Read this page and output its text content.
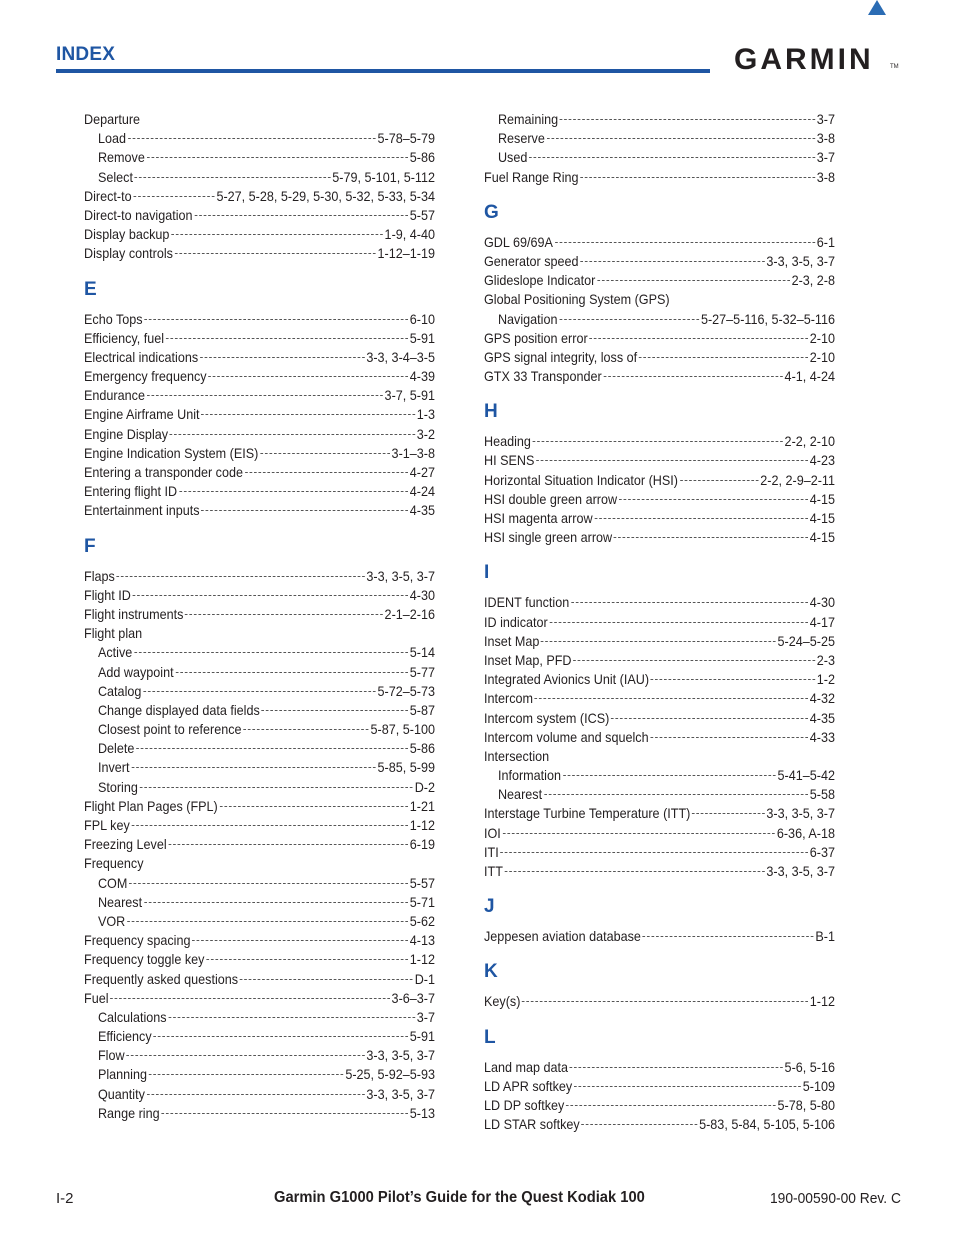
INDEX	GARMIN	TM
Departure
Load	5-78–5-79
Remove	5-86
Select	5-79, 5-101, 5-112
Direct-to	5-27, 5-28, 5-29, 5-30, 5-32, 5-33, 5-34
Direct-to navigation	5-57
Display backup	1-9, 4-40
Display controls	1-12–1-19
E
Echo Tops	6-10
Efficiency, fuel	5-91
Electrical indications	3-3, 3-4–3-5
Emergency frequency	4-39
Endurance	3-7, 5-91
Engine Airframe Unit	1-3
Engine Display	3-2
Engine Indication System (EIS)	3-1–3-8
Entering a transponder code	4-27
Entering flight ID	4-24
Entertainment inputs	4-35
F
Flaps	3-3, 3-5, 3-7
Flight ID	4-30
Flight instruments	2-1–2-16
Flight plan
Active	5-14
Add waypoint	5-77
Catalog	5-72–5-73
Change displayed data fields	5-87
Closest point to reference	5-87, 5-100
Delete	5-86
Invert	5-85, 5-99
Storing	D-2
Flight Plan Pages (FPL)	1-21
FPL key	1-12
Freezing Level	6-19
Frequency
COM	5-57
Nearest	5-71
VOR	5-62
Frequency spacing	4-13
Frequency toggle key	1-12
Frequently asked questions	D-1
Fuel	3-6–3-7
Calculations	3-7
Efficiency	5-91
Flow	3-3, 3-5, 3-7
Planning	5-25, 5-92–5-93
Quantity	3-3, 3-5, 3-7
Range ring	5-13
Remaining	3-7
Reserve	3-8
Used	3-7
Fuel Range Ring	3-8
G
GDL 69/69A	6-1
Generator speed	3-3, 3-5, 3-7
Glideslope Indicator	2-3, 2-8
Global Positioning System (GPS)
Navigation	5-27–5-116, 5-32–5-116
GPS position error	2-10
GPS signal integrity, loss of	2-10
GTX 33 Transponder	4-1, 4-24
H
Heading	2-2, 2-10
HI SENS	4-23
Horizontal Situation Indicator (HSI)	2-2, 2-9–2-11
HSI double green arrow	4-15
HSI magenta arrow	4-15
HSI single green arrow	4-15
I
IDENT function	4-30
ID indicator	4-17
Inset Map	5-24–5-25
Inset Map, PFD	2-3
Integrated Avionics Unit (IAU)	1-2
Intercom	4-32
Intercom system (ICS)	4-35
Intercom volume and squelch	4-33
Intersection
Information	5-41–5-42
Nearest	5-58
Interstage Turbine Temperature (ITT)	3-3, 3-5, 3-7
IOI	6-36, A-18
ITI	6-37
ITT	3-3, 3-5, 3-7
J
Jeppesen aviation database	B-1
K
Key(s)	1-12
L
Land map data	5-6, 5-16
LD APR softkey	5-109
LD DP softkey	5-78, 5-80
LD STAR softkey	5-83, 5-84, 5-105, 5-106
I-2	Garmin G1000 Pilot’s Guide for the Quest Kodiak 100	190-00590-00 Rev. C
